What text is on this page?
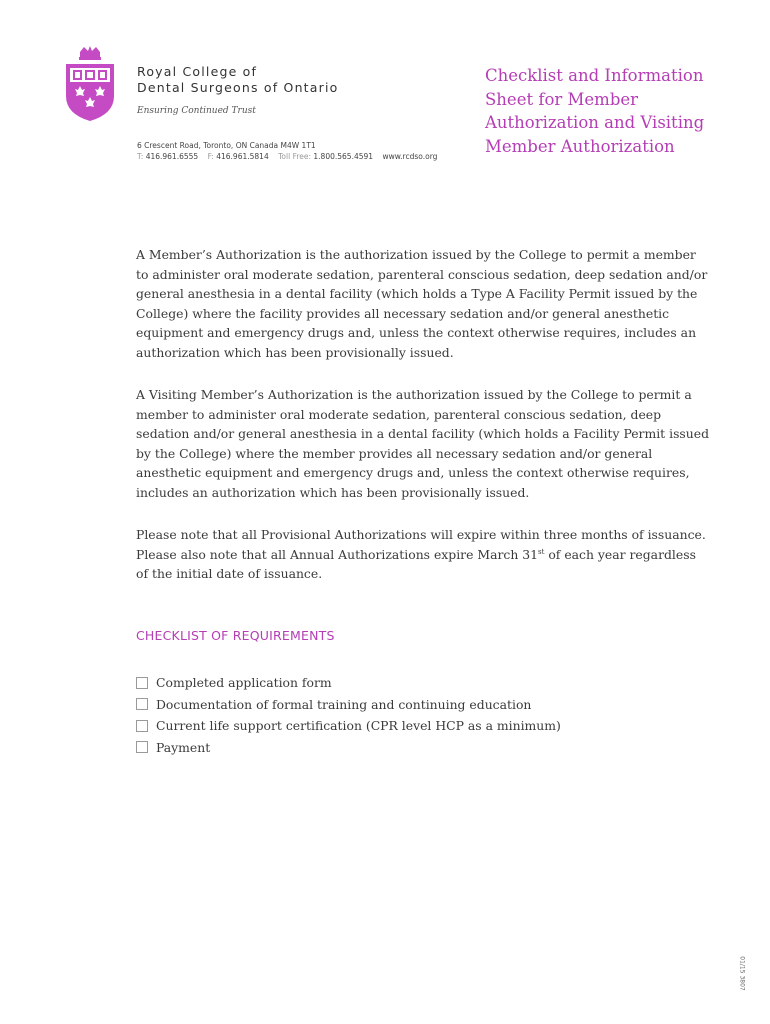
Royal College of
Dental Surgeons of Ontario
Ensuring Continued Trust
6 Crescent Road, Toronto, ON Canada M4W 1T1
T: 416.961.6555 F: 416.961.5814 Toll Free: 1.800.565.4591 www.rcdso.org
Checklist and Information
Sheet for Member
Authorization and Visiting
Member Authorization

A Member’s Authorization is the authorization issued by the College to permit a member to administer oral moderate sedation, parenteral conscious sedation, deep sedation and/or general anesthesia in a dental facility (which holds a Type A Facility Permit issued by the College) where the facility provides all necessary sedation and/or general anesthetic equipment and emergency drugs and, unless the context otherwise requires, includes an authorization which has been provisionally issued.

A Visiting Member’s Authorization is the authorization issued by the College to permit a member to administer oral moderate sedation, parenteral conscious sedation, deep sedation and/or general anesthesia in a dental facility (which holds a Facility Permit issued by the College) where the member provides all necessary sedation and/or general anesthetic equipment and emergency drugs and, unless the context otherwise requires, includes an authorization which has been provisionally issued.

Please note that all Provisional Authorizations will expire within three months of issuance. Please also note that all Annual Authorizations expire March 31st of each year regardless of the initial date of issuance.

CHECKLIST OF REQUIREMENTS
Completed application form
Documentation of formal training and continuing education
Current life support certification (CPR level HCP as a minimum)
Payment
01/15 3807
